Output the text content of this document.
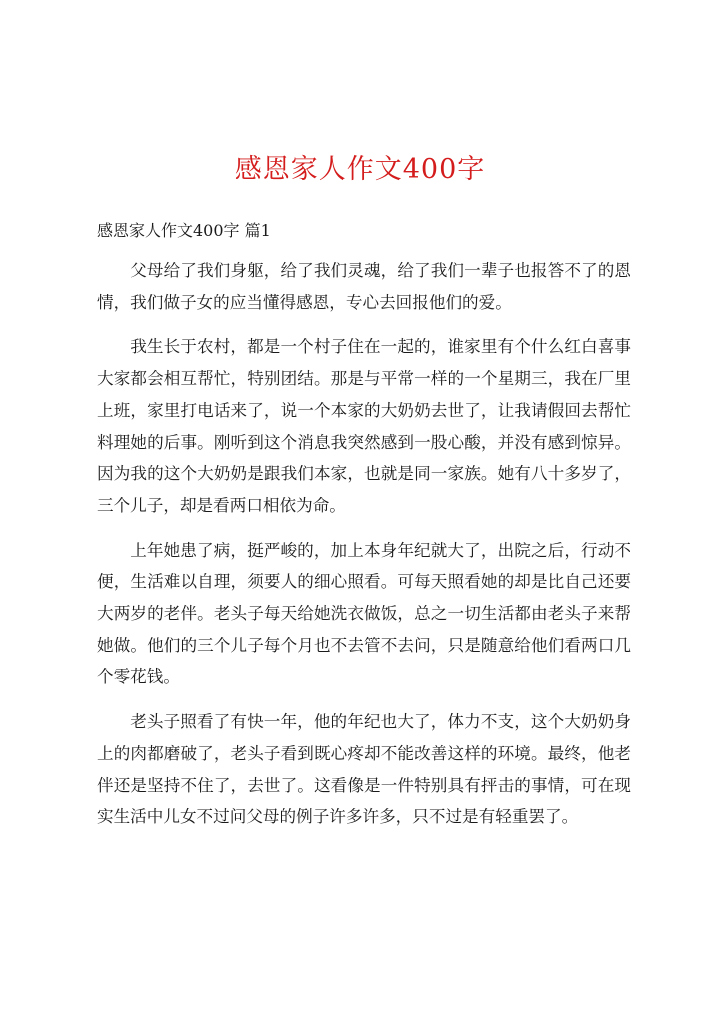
感恩家人作文400字
感恩家人作文400字 篇1

父母给了我们身躯，给了我们灵魂，给了我们一辈子也报答不了的恩情，我们做子女的应当懂得感恩，专心去回报他们的爱。

我生长于农村，都是一个村子住在一起的，谁家里有个什么红白喜事大家都会相互帮忙，特别团结。那是与平常一样的一个星期三，我在厂里上班，家里打电话来了，说一个本家的大奶奶去世了，让我请假回去帮忙料理她的后事。刚听到这个消息我突然感到一股心酸，并没有感到惊异。因为我的这个大奶奶是跟我们本家，也就是同一家族。她有八十多岁了，三个儿子，却是看两口相依为命。

上年她患了病，挺严峻的，加上本身年纪就大了，出院之后，行动不便，生活难以自理，须要人的细心照看。可每天照看她的却是比自己还要大两岁的老伴。老头子每天给她洗衣做饭，总之一切生活都由老头子来帮她做。他们的三个儿子每个月也不去管不去问，只是随意给他们看两口几个零花钱。

老头子照看了有快一年，他的年纪也大了，体力不支，这个大奶奶身上的肉都磨破了，老头子看到既心疼却不能改善这样的环境。最终，他老伴还是坚持不住了，去世了。这看像是一件特别具有抨击的事情，可在现实生活中儿女不过问父母的例子许多许多，只不过是有轻重罢了。
